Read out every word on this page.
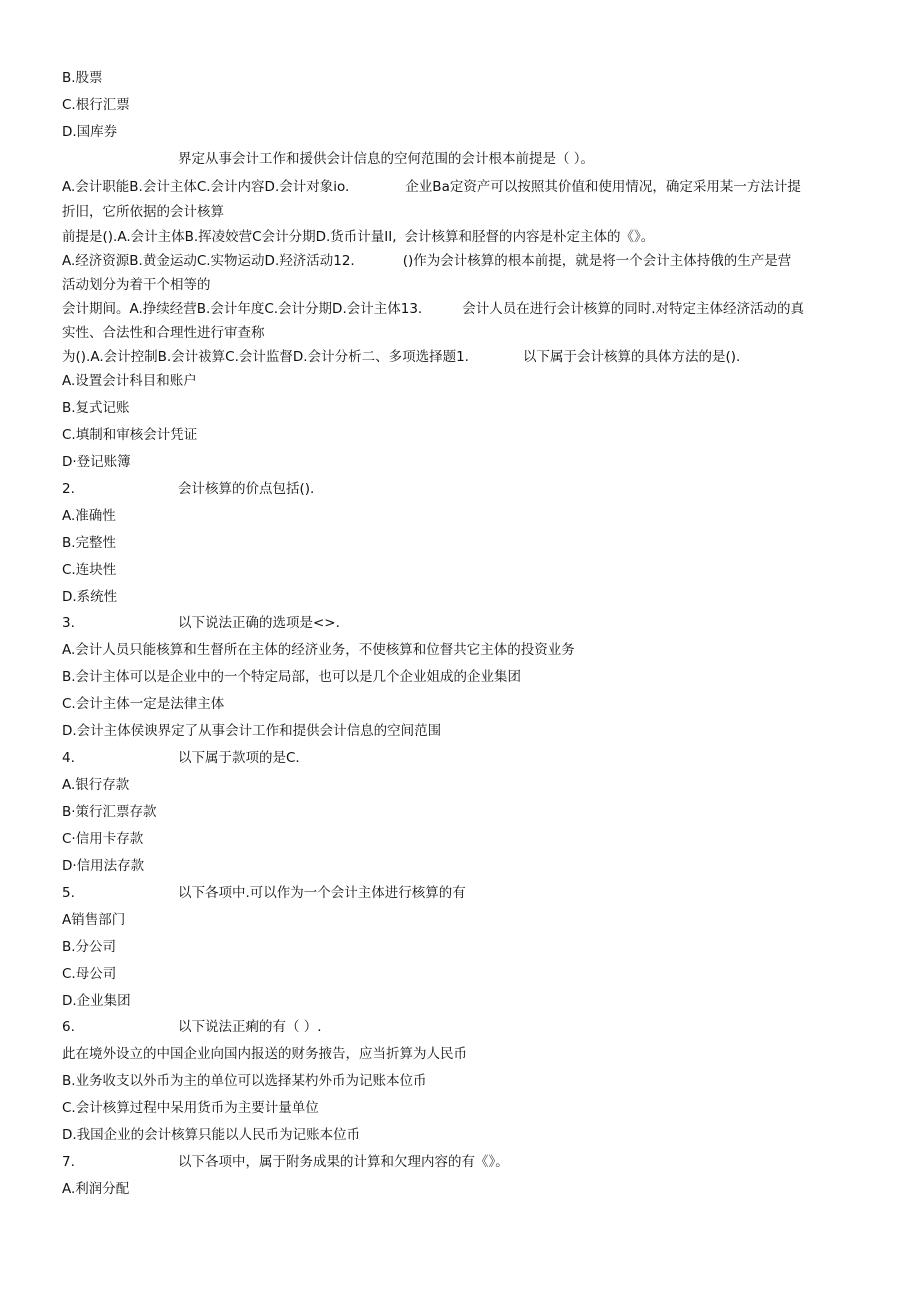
B.股票
C.根行汇票
D.国库券
界定从事会计工作和援供会计信息的空何范围的会计根本前提是（ ）。
A.会计职能B.会计主体C.会计内容D.会计对象io.	企业Ba定资产可以按照其价值和使用情况，确定采用某一方法计提
折旧，它所依据的会计核算
前提是().A.会计主体B.挥凌姣营C会计分期D.货币计量II, 会计核算和胫督的内容是朴定主体的《》。
A.经济资源B.黄金运动C.实物运动D.羟济活动12.	()作为会计核算的根本前提，就是将一个会计主体持俄的生产是营
活动划分为着干个相等的
会计期间。A.挣续经营B.会计年度C.会计分期D.会计主体13.	会计人员在进行会计核算的同时.对特定主体经济活动的真
实性、合法性和合理性进行审查称
为().A.会计控制B.会计祓算C.会计监督D.会计分析二、多项选择题1.	以下属于会计核算的具体方法的是().
A.设置会计科目和账户
B.复式记账
C.填制和审核会计凭证
D·登记账簿
2.	会计核算的价点包括().
A.准确性
B.完整性
C.连块性
D.系统性
3.	以下说法正确的选项是<>.
A.会计人员只能核算和生督所在主体的经济业务，不使核算和位督共它主体的投资业务
B.会计主体可以是企业中的一个特定局部，也可以是几个企业姐成的企业集团
C.会计主体一定是法律主体
D.会计主体侯谀界定了从事会计工作和提供会计信息的空间范围
4.	以下属于款项的是C.
A.银行存款
B·策行汇票存款
C·信用卡存款
D·信用法存款
5.	以下各项中.可以作为一个会计主体进行核算的有
A销售部门
B.分公司
C.母公司
D.企业集团
6.	以下说法正痢的有（ ）.
此在境外设立的中国企业向国内报送的财务掖告，应当折算为人民币
B.业务收支以外币为主的单位可以选择某杓外币为记账本位币
C.会计核算过程中呆用货币为主要计量单位
D.我国企业的会计核算只能以人民币为记账本位币
7.	以下各项中，属于附务成果的计算和欠理内容的有《》。
A.利润分配
